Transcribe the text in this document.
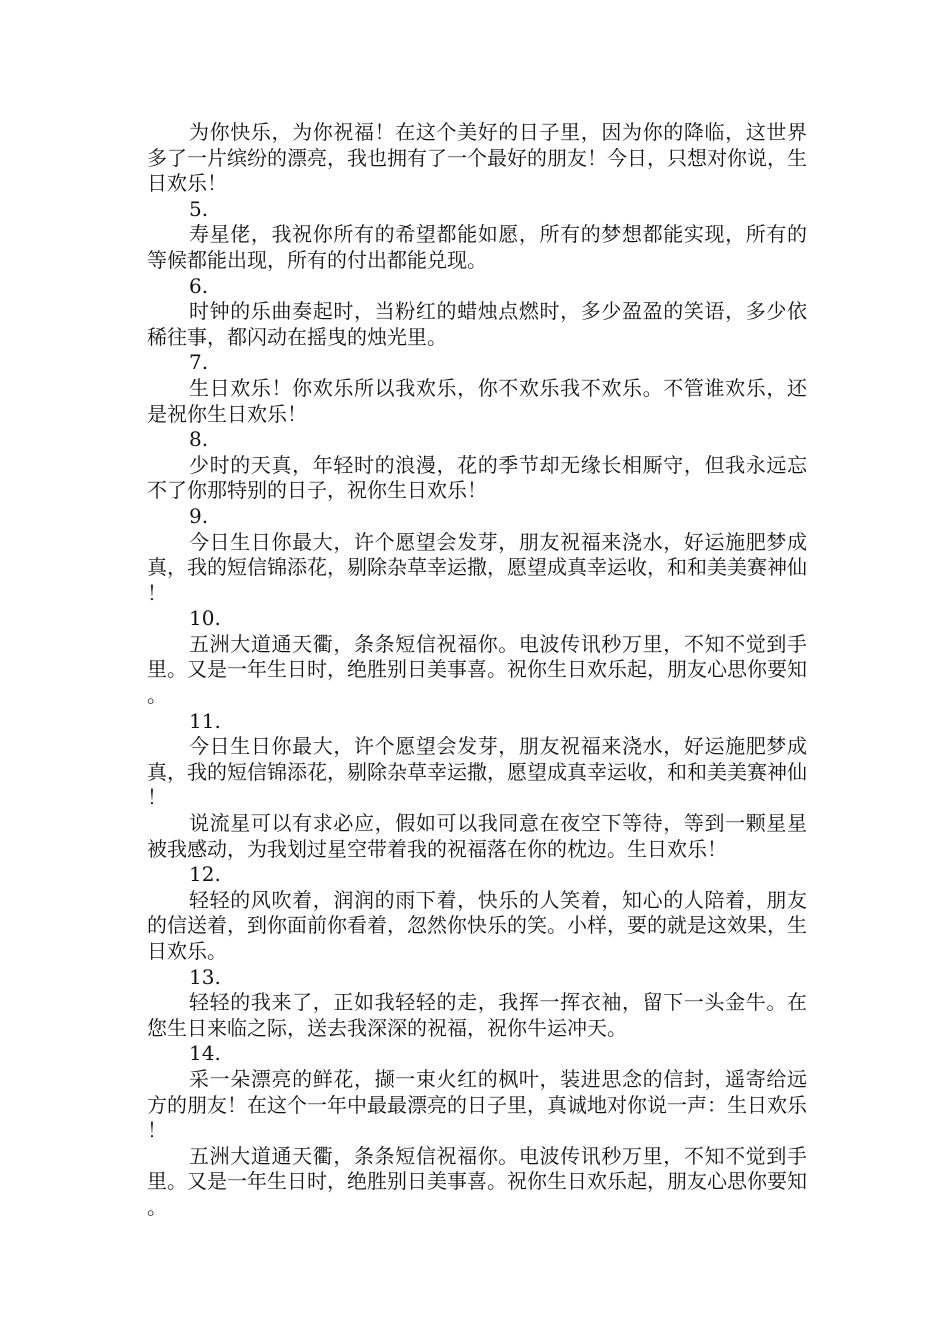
为你快乐，为你祝福！在这个美好的日子里，因为你的降临，这世界多了一片缤纷的漂亮，我也拥有了一个最好的朋友！今日，只想对你说，生日欢乐！

5.

寿星佬，我祝你所有的希望都能如愿，所有的梦想都能实现，所有的等候都能出现，所有的付出都能兑现。

6.

时钟的乐曲奏起时，当粉红的蜡烛点燃时，多少盈盈的笑语，多少依稀往事，都闪动在摇曳的烛光里。

7.

生日欢乐！你欢乐所以我欢乐，你不欢乐我不欢乐。不管谁欢乐，还是祝你生日欢乐！

8.

少时的天真，年轻时的浪漫，花的季节却无缘长相厮守，但我永远忘不了你那特别的日子，祝你生日欢乐！

9.

今日生日你最大，许个愿望会发芽，朋友祝福来浇水，好运施肥梦成真，我的短信锦添花，剔除杂草幸运撒，愿望成真幸运收，和和美美赛神仙！

10.

五洲大道通天衢，条条短信祝福你。电波传讯秒万里，不知不觉到手里。又是一年生日时，绝胜别日美事喜。祝你生日欢乐起，朋友心思你要知。

11.

今日生日你最大，许个愿望会发芽，朋友祝福来浇水，好运施肥梦成真，我的短信锦添花，剔除杂草幸运撒，愿望成真幸运收，和和美美赛神仙！

说流星可以有求必应，假如可以我同意在夜空下等待，等到一颗星星被我感动，为我划过星空带着我的祝福落在你的枕边。生日欢乐！

12.

轻轻的风吹着，润润的雨下着，快乐的人笑着，知心的人陪着，朋友的信送着，到你面前你看着，忽然你快乐的笑。小样，要的就是这效果，生日欢乐。

13.

轻轻的我来了，正如我轻轻的走，我挥一挥衣袖，留下一头金牛。在您生日来临之际，送去我深深的祝福，祝你牛运冲天。

14.

采一朵漂亮的鲜花，撷一束火红的枫叶，装进思念的信封，遥寄给远方的朋友！在这个一年中最最漂亮的日子里，真诚地对你说一声：生日欢乐！

五洲大道通天衢，条条短信祝福你。电波传讯秒万里，不知不觉到手里。又是一年生日时，绝胜别日美事喜。祝你生日欢乐起，朋友心思你要知。
